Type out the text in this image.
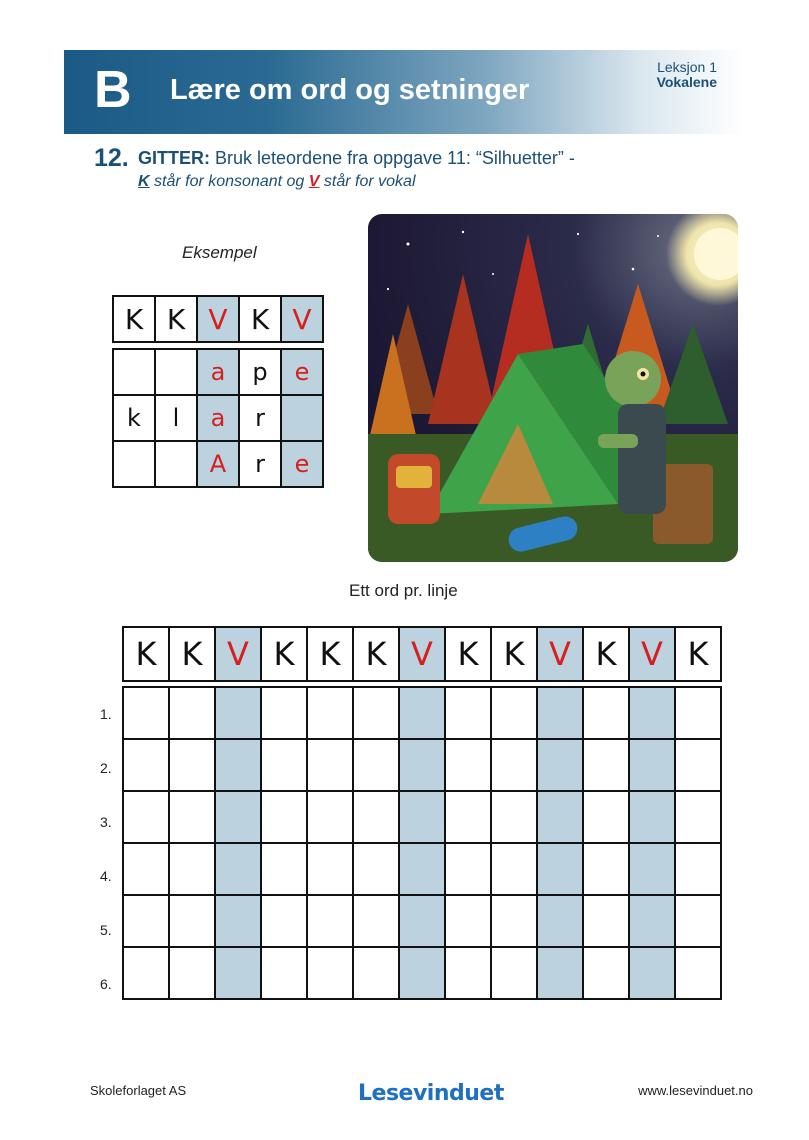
B Lære om ord og setninger
Leksjon 1
Vokalene
12. GITTER: Bruk leteordene fra oppgave 11: “Silhuetter” -
K står for konsonant og V står for vokal
Eksempel
K	K	V	K	V
		a	p	e
k	l	a	r	
		A	r	e
Ett ord pr. linje
K	K	V	K	K	K	V	K	K	V	K	V	K

1.
2.
3.
4.
5.
6.
Skoleforlaget AS	Lesevinduet	www.lesevinduet.no
